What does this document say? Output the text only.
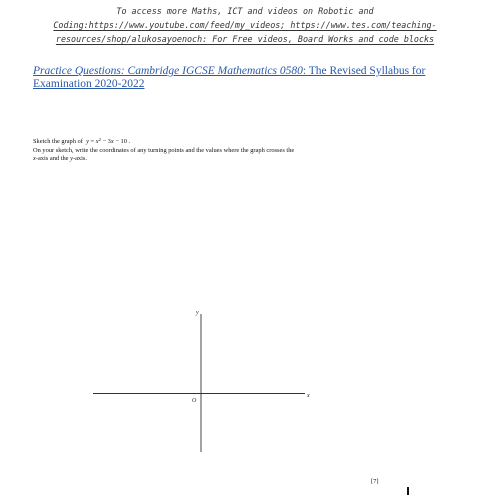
To access more Maths, ICT and videos on Robotic and
Coding:https://www.youtube.com/feed/my_videos; https://www.tes.com/teaching-
resources/shop/alukosayoenoch: For Free videos, Board Works and code blocks
Practice Questions: Cambridge IGCSE Mathematics 0580: The Revised Syllabus for
Examination 2020-2022
Sketch the graph of $y = x^2 - 3x - 10$ .
On your sketch, write the coordinates of any turning points and the values where the graph crosses the
x-axis and the y-axis.
y
x
O
[7]
